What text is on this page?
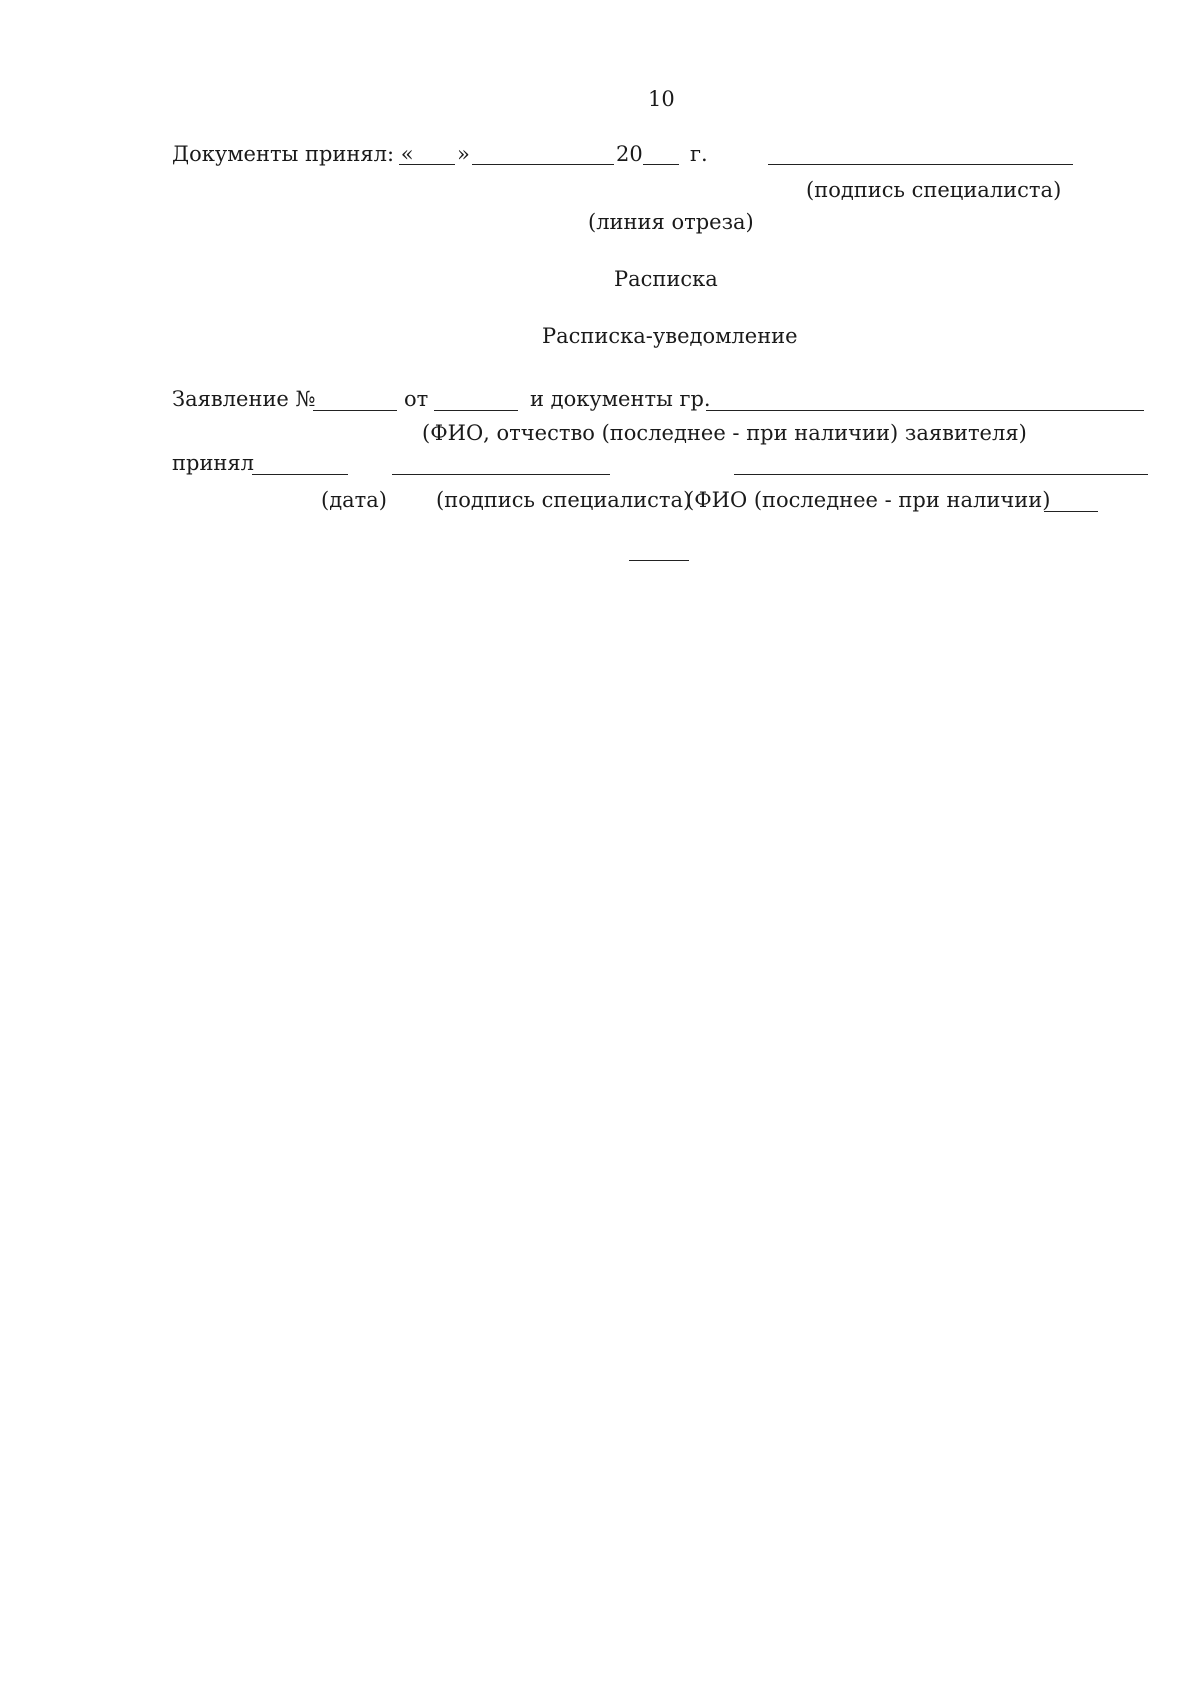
10
Документы принял: « »	20 г.
(подпись специалиста)
(линия отреза)
Расписка
Расписка-уведомление
Заявление №	от	и документы гр.
(ФИО, отчество (последнее - при наличии) заявителя)
принял
(дата) (подпись специалиста)
(ФИО (последнее - при наличии)
